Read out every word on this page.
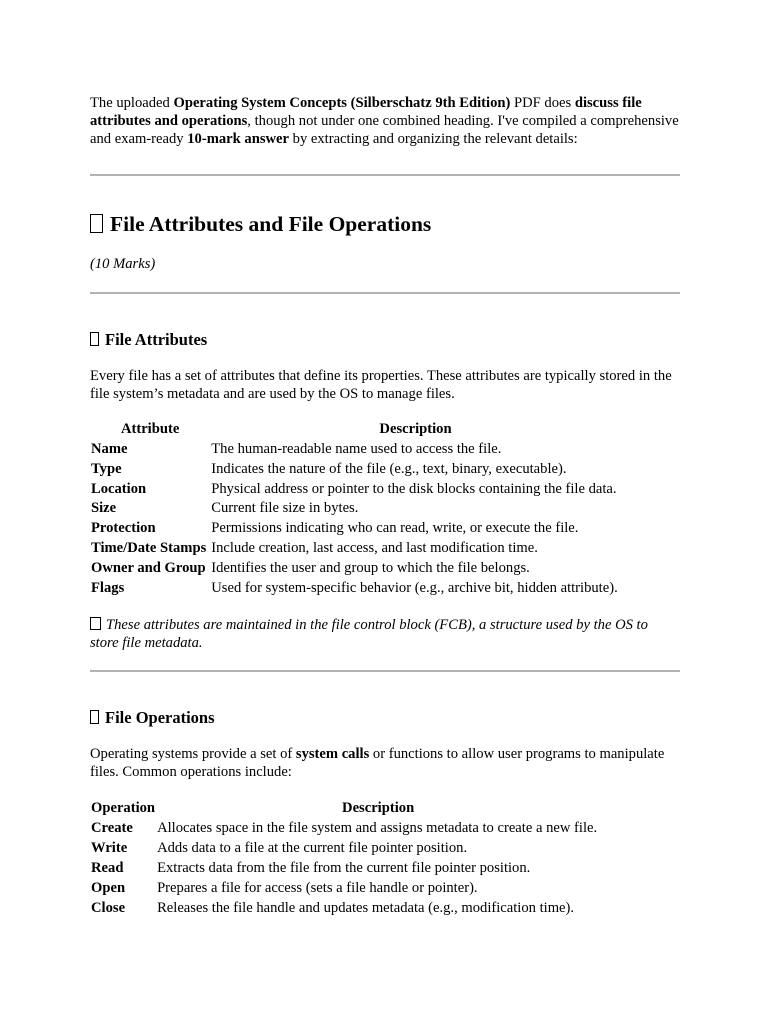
The uploaded Operating System Concepts (Silberschatz 9th Edition) PDF does discuss file attributes and operations, though not under one combined heading. I've compiled a comprehensive and exam-ready 10-mark answer by extracting and organizing the relevant details:

File Attributes and File Operations

(10 Marks)

File Attributes

Every file has a set of attributes that define its properties. These attributes are typically stored in the file system’s metadata and are used by the OS to manage files.

Attribute	Description
Name	The human-readable name used to access the file.
Type	Indicates the nature of the file (e.g., text, binary, executable).
Location	Physical address or pointer to the disk blocks containing the file data.
Size	Current file size in bytes.
Protection	Permissions indicating who can read, write, or execute the file.
Time/Date Stamps	Include creation, last access, and last modification time.
Owner and Group	Identifies the user and group to which the file belongs.
Flags	Used for system-specific behavior (e.g., archive bit, hidden attribute).

These attributes are maintained in the file control block (FCB), a structure used by the OS to store file metadata.

File Operations

Operating systems provide a set of system calls or functions to allow user programs to manipulate files. Common operations include:

Operation	Description
Create	Allocates space in the file system and assigns metadata to create a new file.
Write	Adds data to a file at the current file pointer position.
Read	Extracts data from the file from the current file pointer position.
Open	Prepares a file for access (sets a file handle or pointer).
Close	Releases the file handle and updates metadata (e.g., modification time).
